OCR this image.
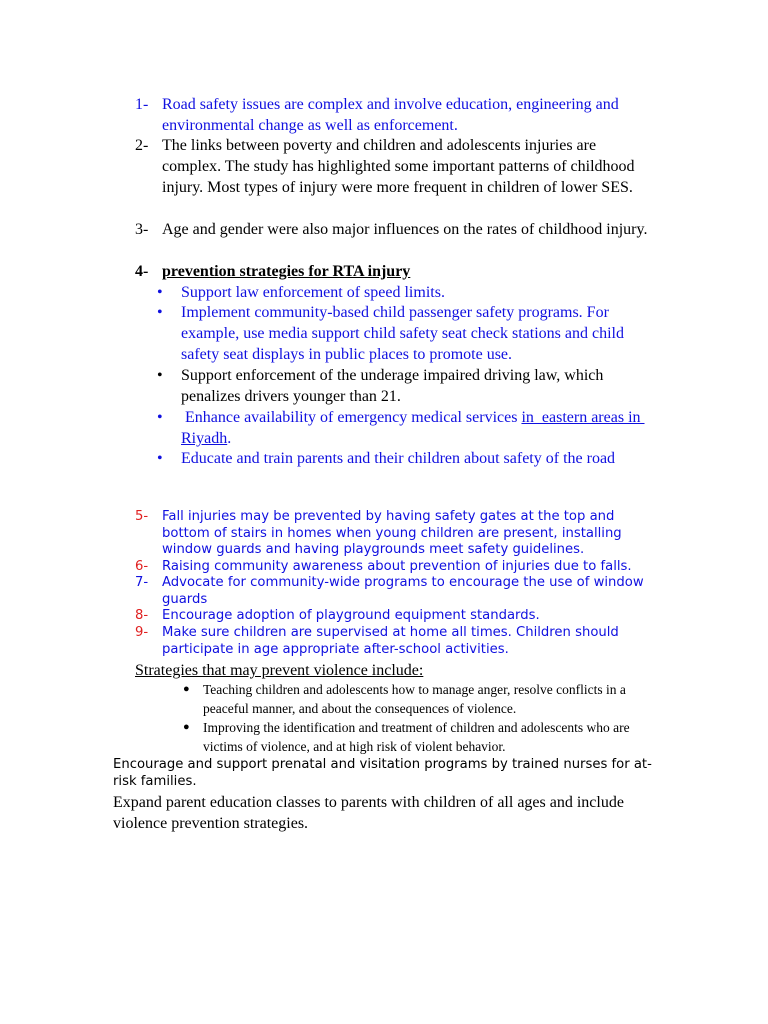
1- Road safety issues are complex and involve education, engineering and environmental change as well as enforcement.
2- The links between poverty and children and adolescents injuries are complex. The study has highlighted some important patterns of childhood injury. Most types of injury were more frequent in children of lower SES.
3- Age and gender were also major influences on the rates of childhood injury.
4- prevention strategies for RTA injury
• Support law enforcement of speed limits.
• Implement community-based child passenger safety programs. For example, use media support child safety seat check stations and child safety seat displays in public places to promote use.
• Support enforcement of the underage impaired driving law, which penalizes drivers younger than 21.
• Enhance availability of emergency medical services in  eastern areas in Riyadh.
• Educate and train parents and their children about safety of the road
5- Fall injuries may be prevented by having safety gates at the top and bottom of stairs in homes when young children are present, installing window guards and having playgrounds meet safety guidelines.
6- Raising community awareness about prevention of injuries due to falls.
7- Advocate for community-wide programs to encourage the use of window guards
8- Encourage adoption of playground equipment standards.
9- Make sure children are supervised at home all times. Children should participate in age appropriate after-school activities.
Strategies that may prevent violence include:
● Teaching children and adolescents how to manage anger, resolve conflicts in a peaceful manner, and about the consequences of violence.
● Improving the identification and treatment of children and adolescents who are victims of violence, and at high risk of violent behavior.
Encourage and support prenatal and visitation programs by trained nurses for at-risk families.
Expand parent education classes to parents with children of all ages and include violence prevention strategies.
